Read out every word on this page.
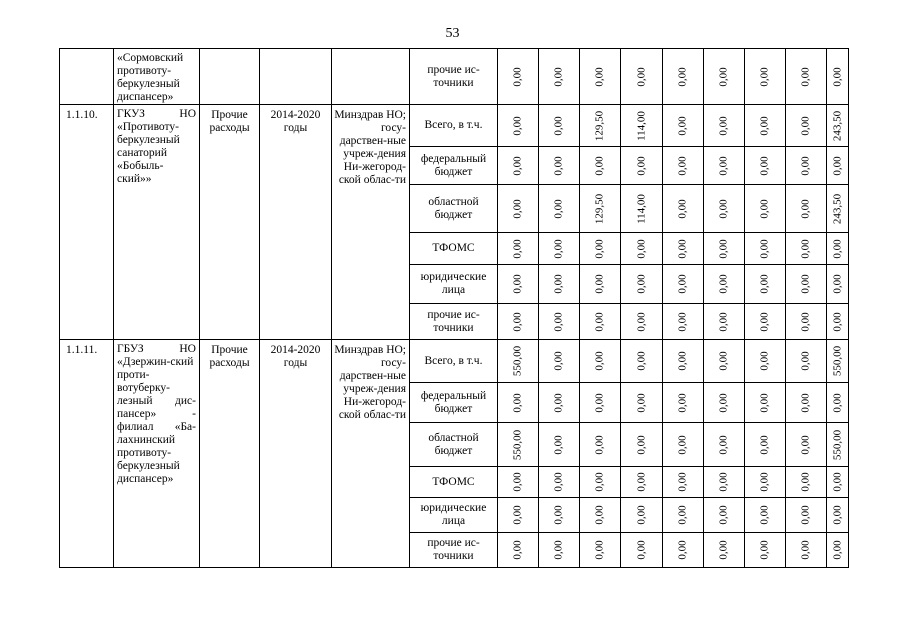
53
	«Сормовский противоту-беркулезный диспансер»				прочие ис-
точники	0,00	0,00	0,00	0,00	0,00	0,00	0,00	0,00	0,00

1.1.10.	ГКУЗ НО «Противоту-беркулезный санаторий «Бобыль-ский»»	Прочие расходы	2014-2020 годы	Минздрав НО; госу-дарствен-ные учреж-дения Ни-жегород-ской облас-ти	Всего, в т.ч.	0,00	0,00	129,50	114,00	0,00	0,00	0,00	0,00	243,50

					федеральный
бюджет	0,00	0,00	0,00	0,00	0,00	0,00	0,00	0,00	0,00

					областной
бюджет	0,00	0,00	129,50	114,00	0,00	0,00	0,00	0,00	243,50

					ТФОМС	0,00	0,00	0,00	0,00	0,00	0,00	0,00	0,00	0,00

					юридические
лица	0,00	0,00	0,00	0,00	0,00	0,00	0,00	0,00	0,00

					прочие ис-
точники	0,00	0,00	0,00	0,00	0,00	0,00	0,00	0,00	0,00

1.1.11.	ГБУЗ НО «Дзержин-ский проти-вотуберку-лезный дис-пансер» - филиал «Ба-лахнинский противоту-беркулезный диспансер»	Прочие расходы	2014-2020 годы	Минздрав НО; госу-дарствен-ные учреж-дения Ни-жегород-ской облас-ти	Всего, в т.ч.	550,00	0,00	0,00	0,00	0,00	0,00	0,00	0,00	550,00

					федеральный
бюджет	0,00	0,00	0,00	0,00	0,00	0,00	0,00	0,00	0,00

					областной
бюджет	550,00	0,00	0,00	0,00	0,00	0,00	0,00	0,00	550,00

					ТФОМС	0,00	0,00	0,00	0,00	0,00	0,00	0,00	0,00	0,00

					юридические
лица	0,00	0,00	0,00	0,00	0,00	0,00	0,00	0,00	0,00

					прочие ис-
точники	0,00	0,00	0,00	0,00	0,00	0,00	0,00	0,00	0,00
